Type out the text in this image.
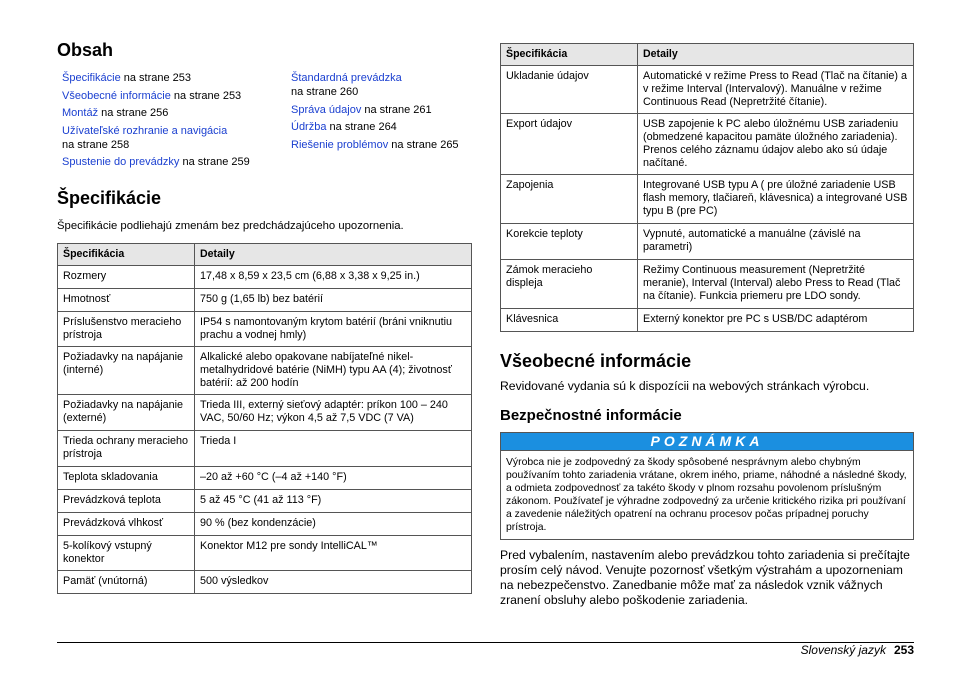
Obsah
Špecifikácie na strane 253
Všeobecné informácie na strane 253
Montáž na strane 256
Užívateľské rozhranie a navigácia
na strane 258
Spustenie do prevádzky na strane 259
Štandardná prevádzka
na strane 260
Správa údajov na strane 261
Údržba na strane 264
Riešenie problémov na strane 265
Špecifikácie

Špecifikácie podliehajú zmenám bez predchádzajúceho upozornenia.

Špecifikácia	Detaily
Rozmery	17,48 x 8,59 x 23,5 cm (6,88 x 3,38 x 9,25 in.)
Hmotnosť	750 g (1,65 lb) bez batérií
Príslušenstvo meracieho prístroja	IP54 s namontovaným krytom batérií (bráni vniknutiu prachu a vodnej hmly)
Požiadavky na napájanie (interné)	Alkalické alebo opakovane nabíjateľné nikel-metalhydridové batérie (NiMH) typu AA (4); životnosť batérií: až 200 hodín
Požiadavky na napájanie (externé)	Trieda III, externý sieťový adaptér: príkon 100 – 240 VAC, 50/60 Hz; výkon 4,5 až 7,5 VDC (7 VA)
Trieda ochrany meracieho prístroja	Trieda I
Teplota skladovania	–20 až +60 °C (–4 až +140 °F)
Prevádzková teplota	5 až 45 °C (41 až 113 °F)
Prevádzková vlhkosť	90 % (bez kondenzácie)
5-kolíkový vstupný konektor	Konektor M12 pre sondy IntelliCAL™
Pamäť (vnútorná)	500 výsledkov
Špecifikácia	Detaily
Ukladanie údajov	Automatické v režime Press to Read (Tlač na čítanie) a v režime Interval (Intervalový). Manuálne v režime Continuous Read (Nepretržité čítanie).
Export údajov	USB zapojenie k PC alebo úložnému USB zariadeniu (obmedzené kapacitou pamäte úložného zariadenia). Prenos celého záznamu údajov alebo ako sú údaje načítané.
Zapojenia	Integrované USB typu A ( pre úložné zariadenie USB flash memory, tlačiareň, klávesnica) a integrované USB typu B (pre PC)
Korekcie teploty	Vypnuté, automatické a manuálne (závislé na parametri)
Zámok meracieho displeja	Režimy Continuous measurement (Nepretržité meranie), Interval (Interval) alebo Press to Read (Tlač na čítanie). Funkcia priemeru pre LDO sondy.
Klávesnica	Externý konektor pre PC s USB/DC adaptérom
Všeobecné informácie

Revidované vydania sú k dispozícii na webových stránkach výrobcu.

Bezpečnostné informácie
POZNÁMKA
Výrobca nie je zodpovedný za škody spôsobené nesprávnym alebo chybným používaním tohto zariadenia vrátane, okrem iného, priame, náhodné a následné škody, a odmieta zodpovednosť za takéto škody v plnom rozsahu povolenom príslušným zákonom. Používateľ je výhradne zodpovedný za určenie kritického rizika pri používaní a zavedenie náležitých opatrení na ochranu procesov počas prípadnej poruchy prístroja.

Pred vybalením, nastavením alebo prevádzkou tohto zariadenia si prečítajte prosím celý návod. Venujte pozornosť všetkým výstrahám a upozorneniam na nebezpečenstvo. Zanedbanie môže mať za následok vznik vážnych zranení obsluhy alebo poškodenie zariadenia.

Slovenský jazyk 253
